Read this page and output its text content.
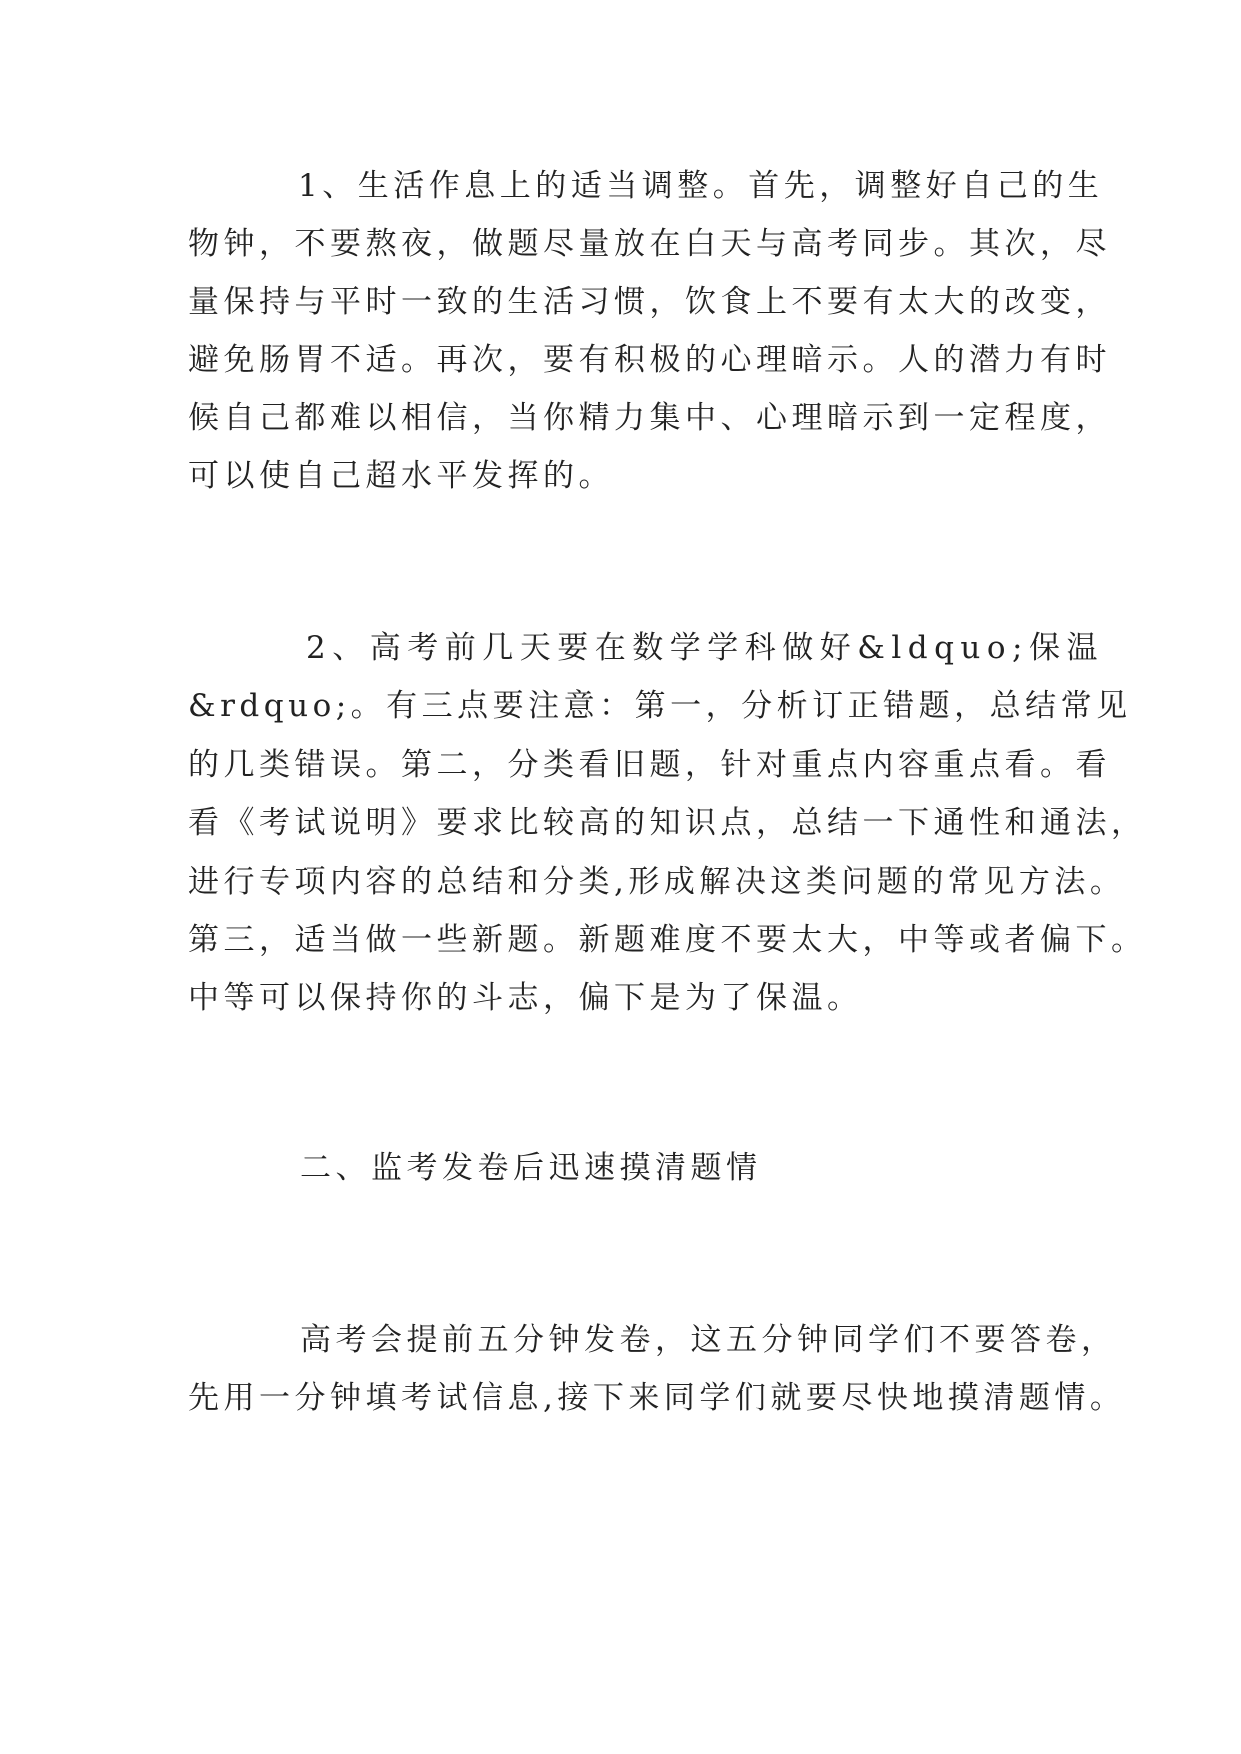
1、生活作息上的适当调整。首先，调整好自己的生

物钟，不要熬夜，做题尽量放在白天与高考同步。其次，尽

量保持与平时一致的生活习惯，饮食上不要有太大的改变，

避免肠胃不适。再次，要有积极的心理暗示。人的潜力有时

候自己都难以相信，当你精力集中、心理暗示到一定程度，

可以使自己超水平发挥的。

2、高考前几天要在数学学科做好&ldquo;保温

&rdquo;。有三点要注意：第一，分析订正错题，总结常见

的几类错误。第二，分类看旧题，针对重点内容重点看。看

看《考试说明》要求比较高的知识点，总结一下通性和通法，

进行专项内容的总结和分类,形成解决这类问题的常见方法。

第三，适当做一些新题。新题难度不要太大，中等或者偏下。

中等可以保持你的斗志，偏下是为了保温。

二、监考发卷后迅速摸清题情

高考会提前五分钟发卷，这五分钟同学们不要答卷，

先用一分钟填考试信息,接下来同学们就要尽快地摸清题情。
